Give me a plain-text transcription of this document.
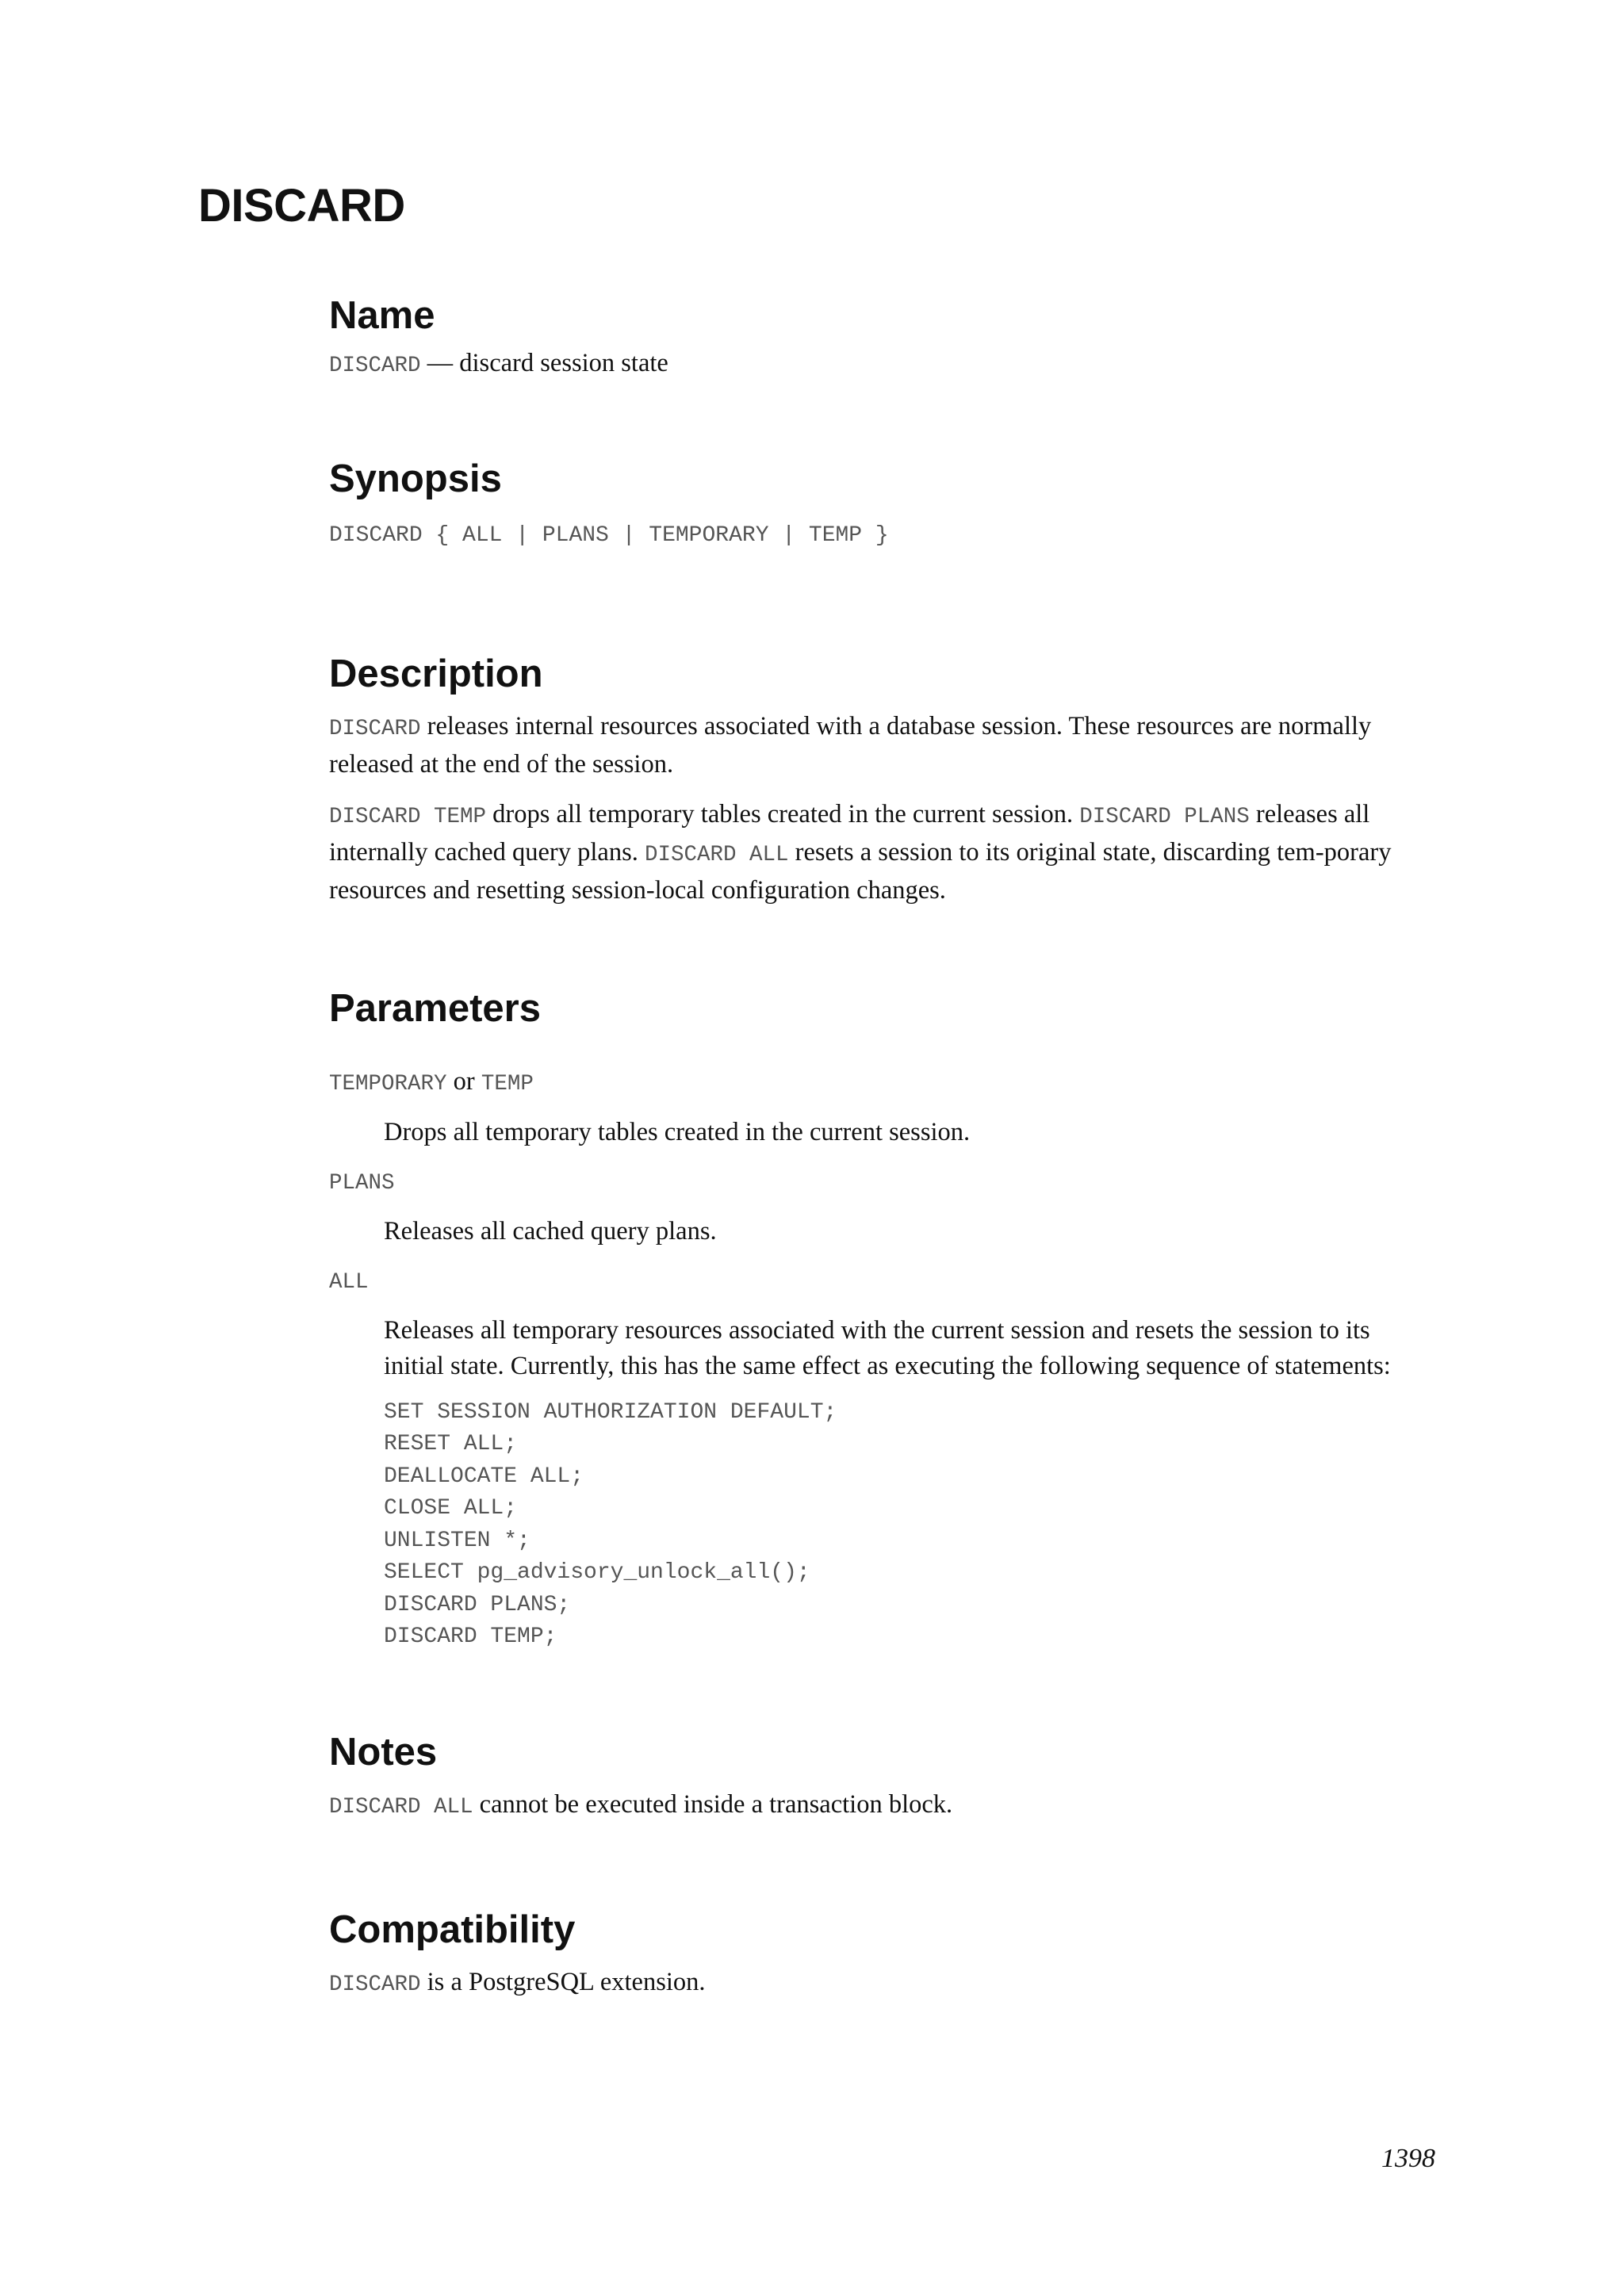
DISCARD
Name

DISCARD — discard session state

Synopsis

DISCARD { ALL | PLANS | TEMPORARY | TEMP }

Description

DISCARD releases internal resources associated with a database session. These resources are normally released at the end of the session.

DISCARD TEMP drops all temporary tables created in the current session. DISCARD PLANS releases all internally cached query plans. DISCARD ALL resets a session to its original state, discarding tem-porary resources and resetting session-local configuration changes.

Parameters

TEMPORARY or TEMP

Drops all temporary tables created in the current session.

PLANS

Releases all cached query plans.

ALL

Releases all temporary resources associated with the current session and resets the session to its initial state. Currently, this has the same effect as executing the following sequence of statements:

SET SESSION AUTHORIZATION DEFAULT;

RESET ALL;

DEALLOCATE ALL;

CLOSE ALL;

UNLISTEN *;

SELECT pg_advisory_unlock_all();

DISCARD PLANS;

DISCARD TEMP;

Notes

DISCARD ALL cannot be executed inside a transaction block.

Compatibility

DISCARD is a PostgreSQL extension.

1398
